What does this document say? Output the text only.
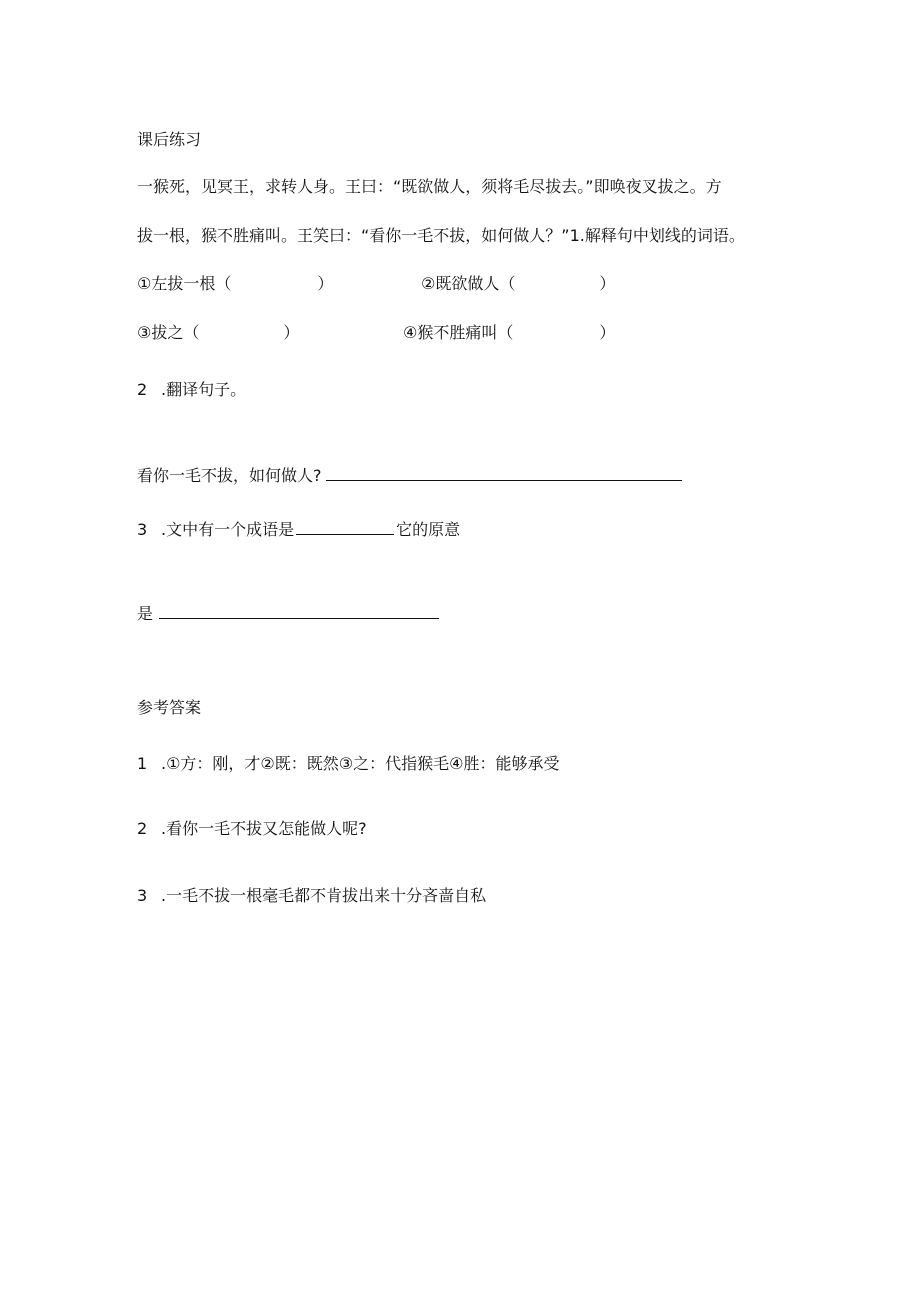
课后练习
一猴死，见冥王，求转人身。王曰：“既欲做人，须将毛尽拔去。”即唤夜叉拔之。方
拔一根，猴不胜痛叫。王笑曰：“看你一毛不拔，如何做人？”1.解释句中划线的词语。
①左拔一根（	）	②既欲做人（	）
③拔之（	）	④猴不胜痛叫（	）
2 .翻译句子。
看你一毛不拔，如何做人?
3 .文中有一个成语是	它的原意
是
参考答案
1 .①方：刚，才②既：既然③之：代指猴毛④胜：能够承受
2 .看你一毛不拔又怎能做人呢?
3 .一毛不拔一根毫毛都不肯拔出来十分吝啬自私
